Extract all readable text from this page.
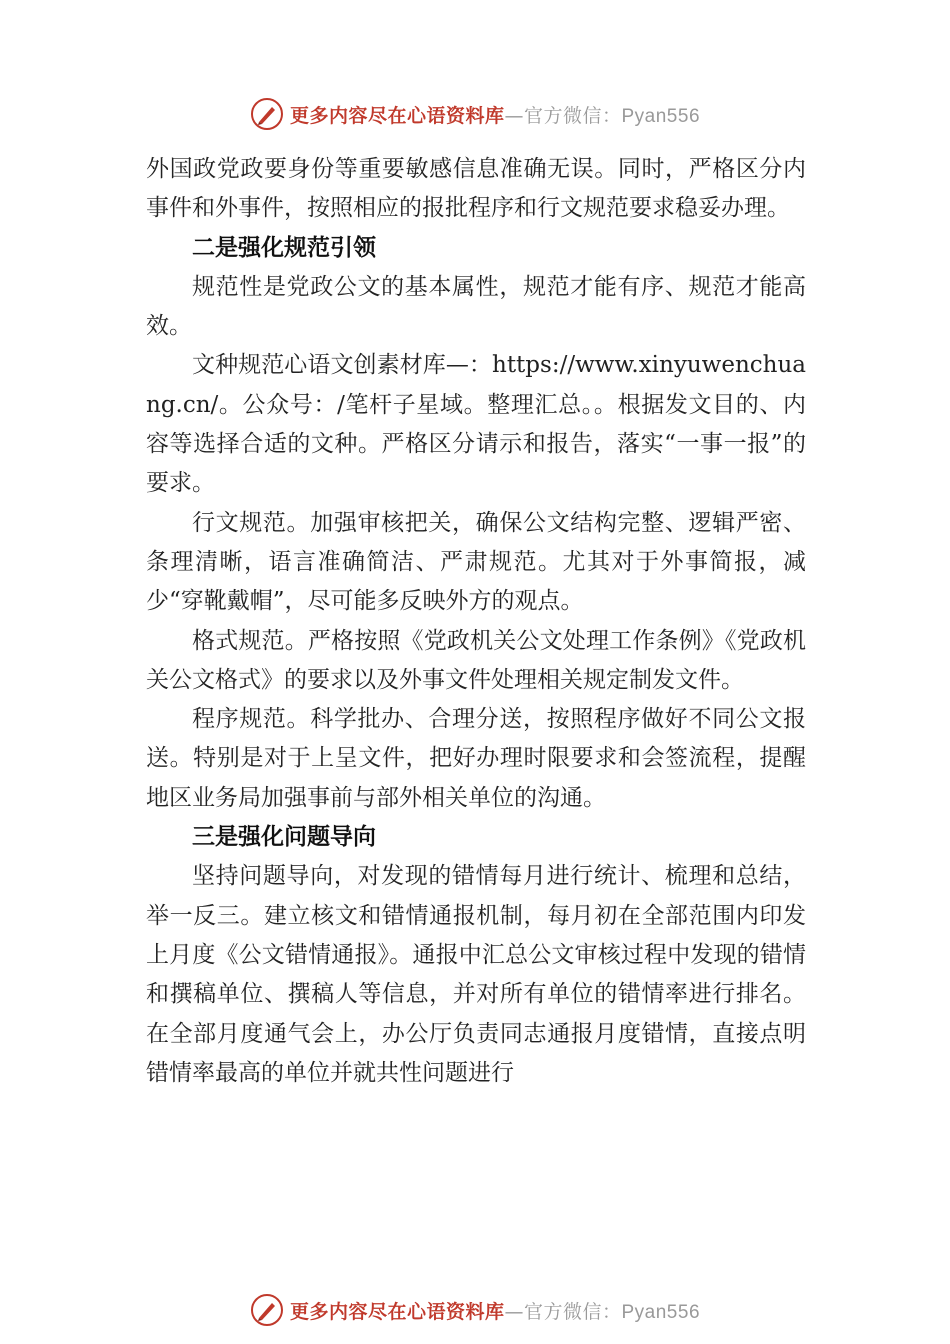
更多内容尽在心语资料库—官方微信：Pyan556

外国政党政要身份等重要敏感信息准确无误。同时，严格区分内事件和外事件，按照相应的报批程序和行文规范要求稳妥办理。

二是强化规范引领

规范性是党政公文的基本属性，规范才能有序、规范才能高效。

文种规范心语文创素材库—：https://www.xinyuwenchuang.cn/。公众号：/笔杆子星域。整理汇总。。根据发文目的、内容等选择合适的文种。严格区分请示和报告，落实“一事一报”的要求。

行文规范。加强审核把关，确保公文结构完整、逻辑严密、条理清晰，语言准确简洁、严肃规范。尤其对于外事简报，减少“穿靴戴帽”，尽可能多反映外方的观点。

格式规范。严格按照《党政机关公文处理工作条例》《党政机关公文格式》的要求以及外事文件处理相关规定制发文件。

程序规范。科学批办、合理分送，按照程序做好不同公文报送。特别是对于上呈文件，把好办理时限要求和会签流程，提醒地区业务局加强事前与部外相关单位的沟通。

三是强化问题导向

坚持问题导向，对发现的错情每月进行统计、梳理和总结，举一反三。建立核文和错情通报机制，每月初在全部范围内印发上月度《公文错情通报》。通报中汇总公文审核过程中发现的错情和撰稿单位、撰稿人等信息，并对所有单位的错情率进行排名。在全部月度通气会上，办公厅负责同志通报月度错情，直接点明错情率最高的单位并就共性问题进行

更多内容尽在心语资料库—官方微信：Pyan556
